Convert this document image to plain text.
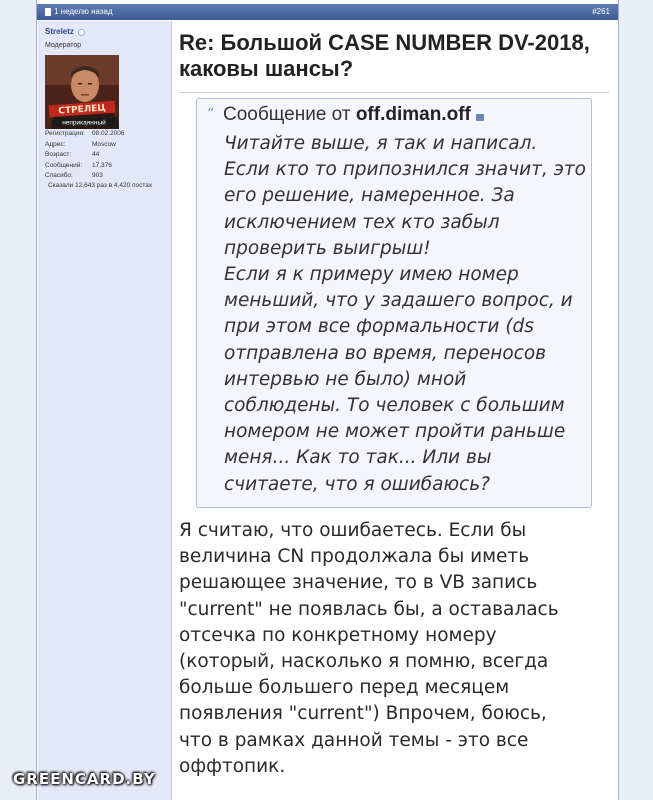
1 неделю назад	#261
Streletz
Модератор
СТРЕЛЕЦ
неприкаянный
Регистрация: 08.02.2006
Адрес:	Moscow
Возраст:	44
Сообщений: 17,376
Спасибо:	903
Сказали 12,643 раз в 4,420 постах
Re: Большой CASE NUMBER DV-2018,
каковы шансы?
“ Сообщение от off.diman.off
Читайте выше, я так и написал.
Если кто то припознился значит, это
его решение, намеренное. За
исключением тех кто забыл
проверить выигрыш!
Если я к примеру имею номер
меньший, что у задашего вопрос, и
при этом все формальности (ds
отправлена во время, переносов
интервью не было) мной
соблюдены. То человек с большим
номером не может пройти раньше
меня... Как то так... Или вы
считаете, что я ошибаюсь?
Я считаю, что ошибаетесь. Если бы
величина CN продолжала бы иметь
решающее значение, то в VB запись
"current" не появлась бы, а оставалась
отсечка по конкретному номеру
(который, насколько я помню, всегда
больше большего перед месяцем
появления "current") Впрочем, боюсь,
что в рамках данной темы - это все
оффтопик.
GREENCARD.BY
